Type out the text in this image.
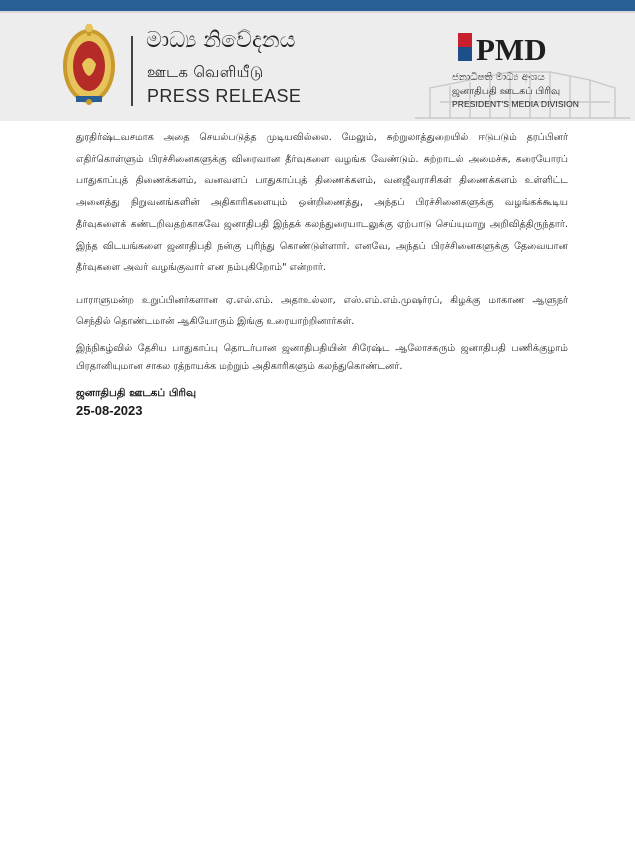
මාධ්‍ය නිවේදනය
ஊடக வெளியீடு
PRESS RELEASE
PMD
ජනාධිපති මාධ්‍ය අංශය
ஜனாதிபதி ஊடகப் பிரிவு
PRESIDENT'S MEDIA DIVISION

துரதிர்ஷ்டவசமாக அதை செயல்படுத்த முடியவில்லை. மேலும், சுற்றுலாத்துறையில் ஈடுபடும் தரப்பினர் எதிர்கொள்ளும் பிரச்சினைகளுக்கு விரைவான தீர்வுகளை வழங்க வேண்டும். சுற்றாடல் அமைச்சு, கரையோரப் பாதுகாப்புத் திணைக்களம், வனவளப் பாதுகாப்புத் திணைக்களம், வனஜீவராசிகள் திணைக்களம் உள்ளிட்ட அனைத்து நிறுவனங்களின் அதிகாரிகளையும் ஒன்றிணைத்து, அந்தப் பிரச்சினைகளுக்கு வழங்கக்கூடிய தீர்வுகளைக் கண்டறிவதற்காகவே ஜனாதிபதி இந்தக் கலந்துரையாடலுக்கு ஏற்பாடு செய்யுமாறு அறிவித்திருந்தார். இந்த விடயங்களை ஜனாதிபதி நன்கு புரிந்து கொண்டுள்ளார். எனவே, அந்தப் பிரச்சினைகளுக்கு தேவையான தீர்வுகளை அவர் வழங்குவார் என நம்புகிறோம்" என்றார்.

பாராளுமன்ற உறுப்பினர்களான ஏ.எல்.எம். அதாஉல்லா, எஸ்.எம்.எம்.முஷர்ரப், கிழக்கு மாகாண ஆளுநர் செந்தில் தொண்டமான் ஆகியோரும் இங்கு உரையாற்றினார்கள்.

இந்நிகழ்வில் தேசிய பாதுகாப்பு தொடர்பான ஜனாதிபதியின் சிரேஷ்ட ஆலோசகரும் ஜனாதிபதி பணிக்குழாம் பிரதானியுமான சாகல ரத்நாயக்க மற்றும் அதிகாரிகளும் கலந்துகொண்டனர்.

ஜனாதிபதி ஊடகப் பிரிவு
25-08-2023
